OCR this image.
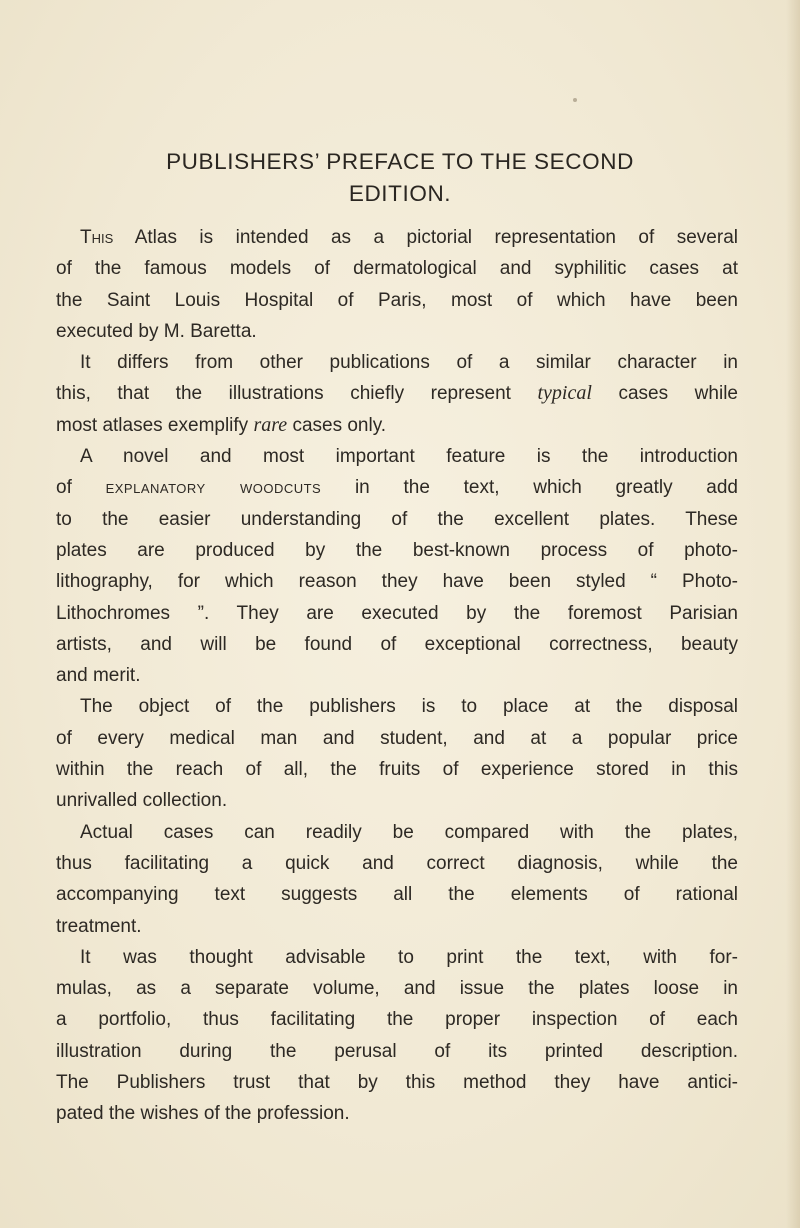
PUBLISHERS’ PREFACE TO THE SECOND
EDITION.
This Atlas is intended as a pictorial representation of several
of the famous models of dermatological and syphilitic cases at
the Saint Louis Hospital of Paris, most of which have been
executed by M. Baretta.
It differs from other publications of a similar character in
this, that the illustrations chiefly represent typical cases while
most atlases exemplify rare cases only.
A novel and most important feature is the introduction
of explanatory woodcuts in the text, which greatly add
to the easier understanding of the excellent plates. These
plates are produced by the best-known process of photo-
lithography, for which reason they have been styled “ Photo-
Lithochromes ”. They are executed by the foremost Parisian
artists, and will be found of exceptional correctness, beauty
and merit.
The object of the publishers is to place at the disposal
of every medical man and student, and at a popular price
within the reach of all, the fruits of experience stored in this
unrivalled collection.
Actual cases can readily be compared with the plates,
thus facilitating a quick and correct diagnosis, while the
accompanying text suggests all the elements of rational
treatment.
It was thought advisable to print the text, with for-
mulas, as a separate volume, and issue the plates loose in
a portfolio, thus facilitating the proper inspection of each
illustration during the perusal of its printed description.
The Publishers trust that by this method they have antici-
pated the wishes of the profession.
